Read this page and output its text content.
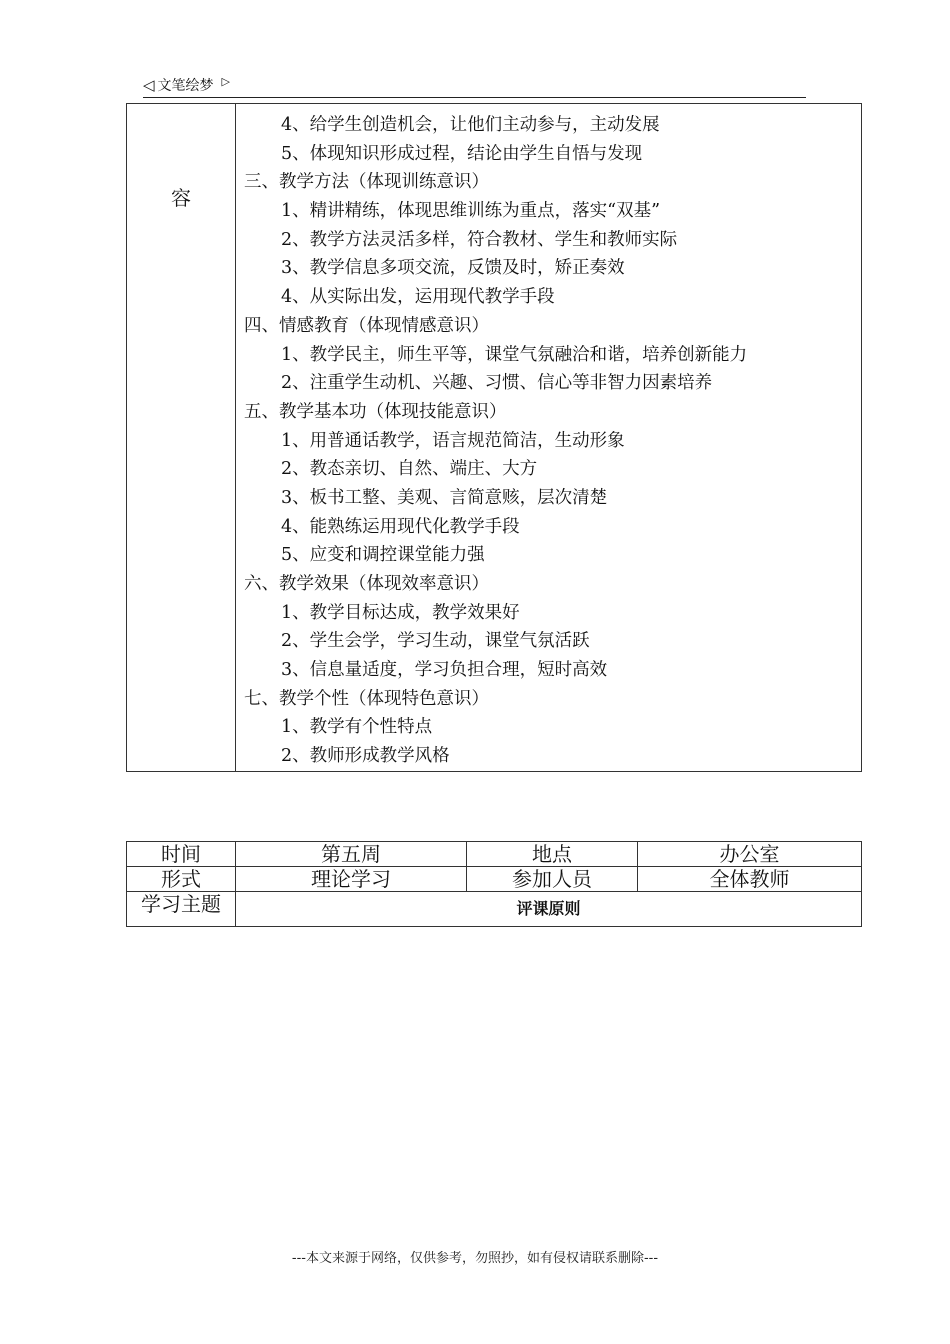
◁ 文笔绘梦 ▷
容	
4、给学生创造机会，让他们主动参与，主动发展
5、体现知识形成过程，结论由学生自悟与发现
三、教学方法（体现训练意识）
1、精讲精练，体现思维训练为重点，落实“双基”
2、教学方法灵活多样，符合教材、学生和教师实际
3、教学信息多项交流，反馈及时，矫正奏效
4、从实际出发，运用现代教学手段
四、情感教育（体现情感意识）
1、教学民主，师生平等，课堂气氛融洽和谐，培养创新能力
2、注重学生动机、兴趣、习惯、信心等非智力因素培养
五、教学基本功（体现技能意识）
1、用普通话教学，语言规范简洁，生动形象
2、教态亲切、自然、端庄、大方
3、板书工整、美观、言简意赅，层次清楚
4、能熟练运用现代化教学手段
5、应变和调控课堂能力强
六、教学效果（体现效率意识）
1、教学目标达成，教学效果好
2、学生会学，学习生动，课堂气氛活跃
3、信息量适度，学习负担合理，短时高效
七、教学个性（体现特色意识）
1、教学有个性特点
2、教师形成教学风格
时间	第五周	地点	办公室
形式	理论学习	参加人员	全体教师
学习主题	评课原则		
---本文来源于网络，仅供参考，勿照抄，如有侵权请联系删除---
